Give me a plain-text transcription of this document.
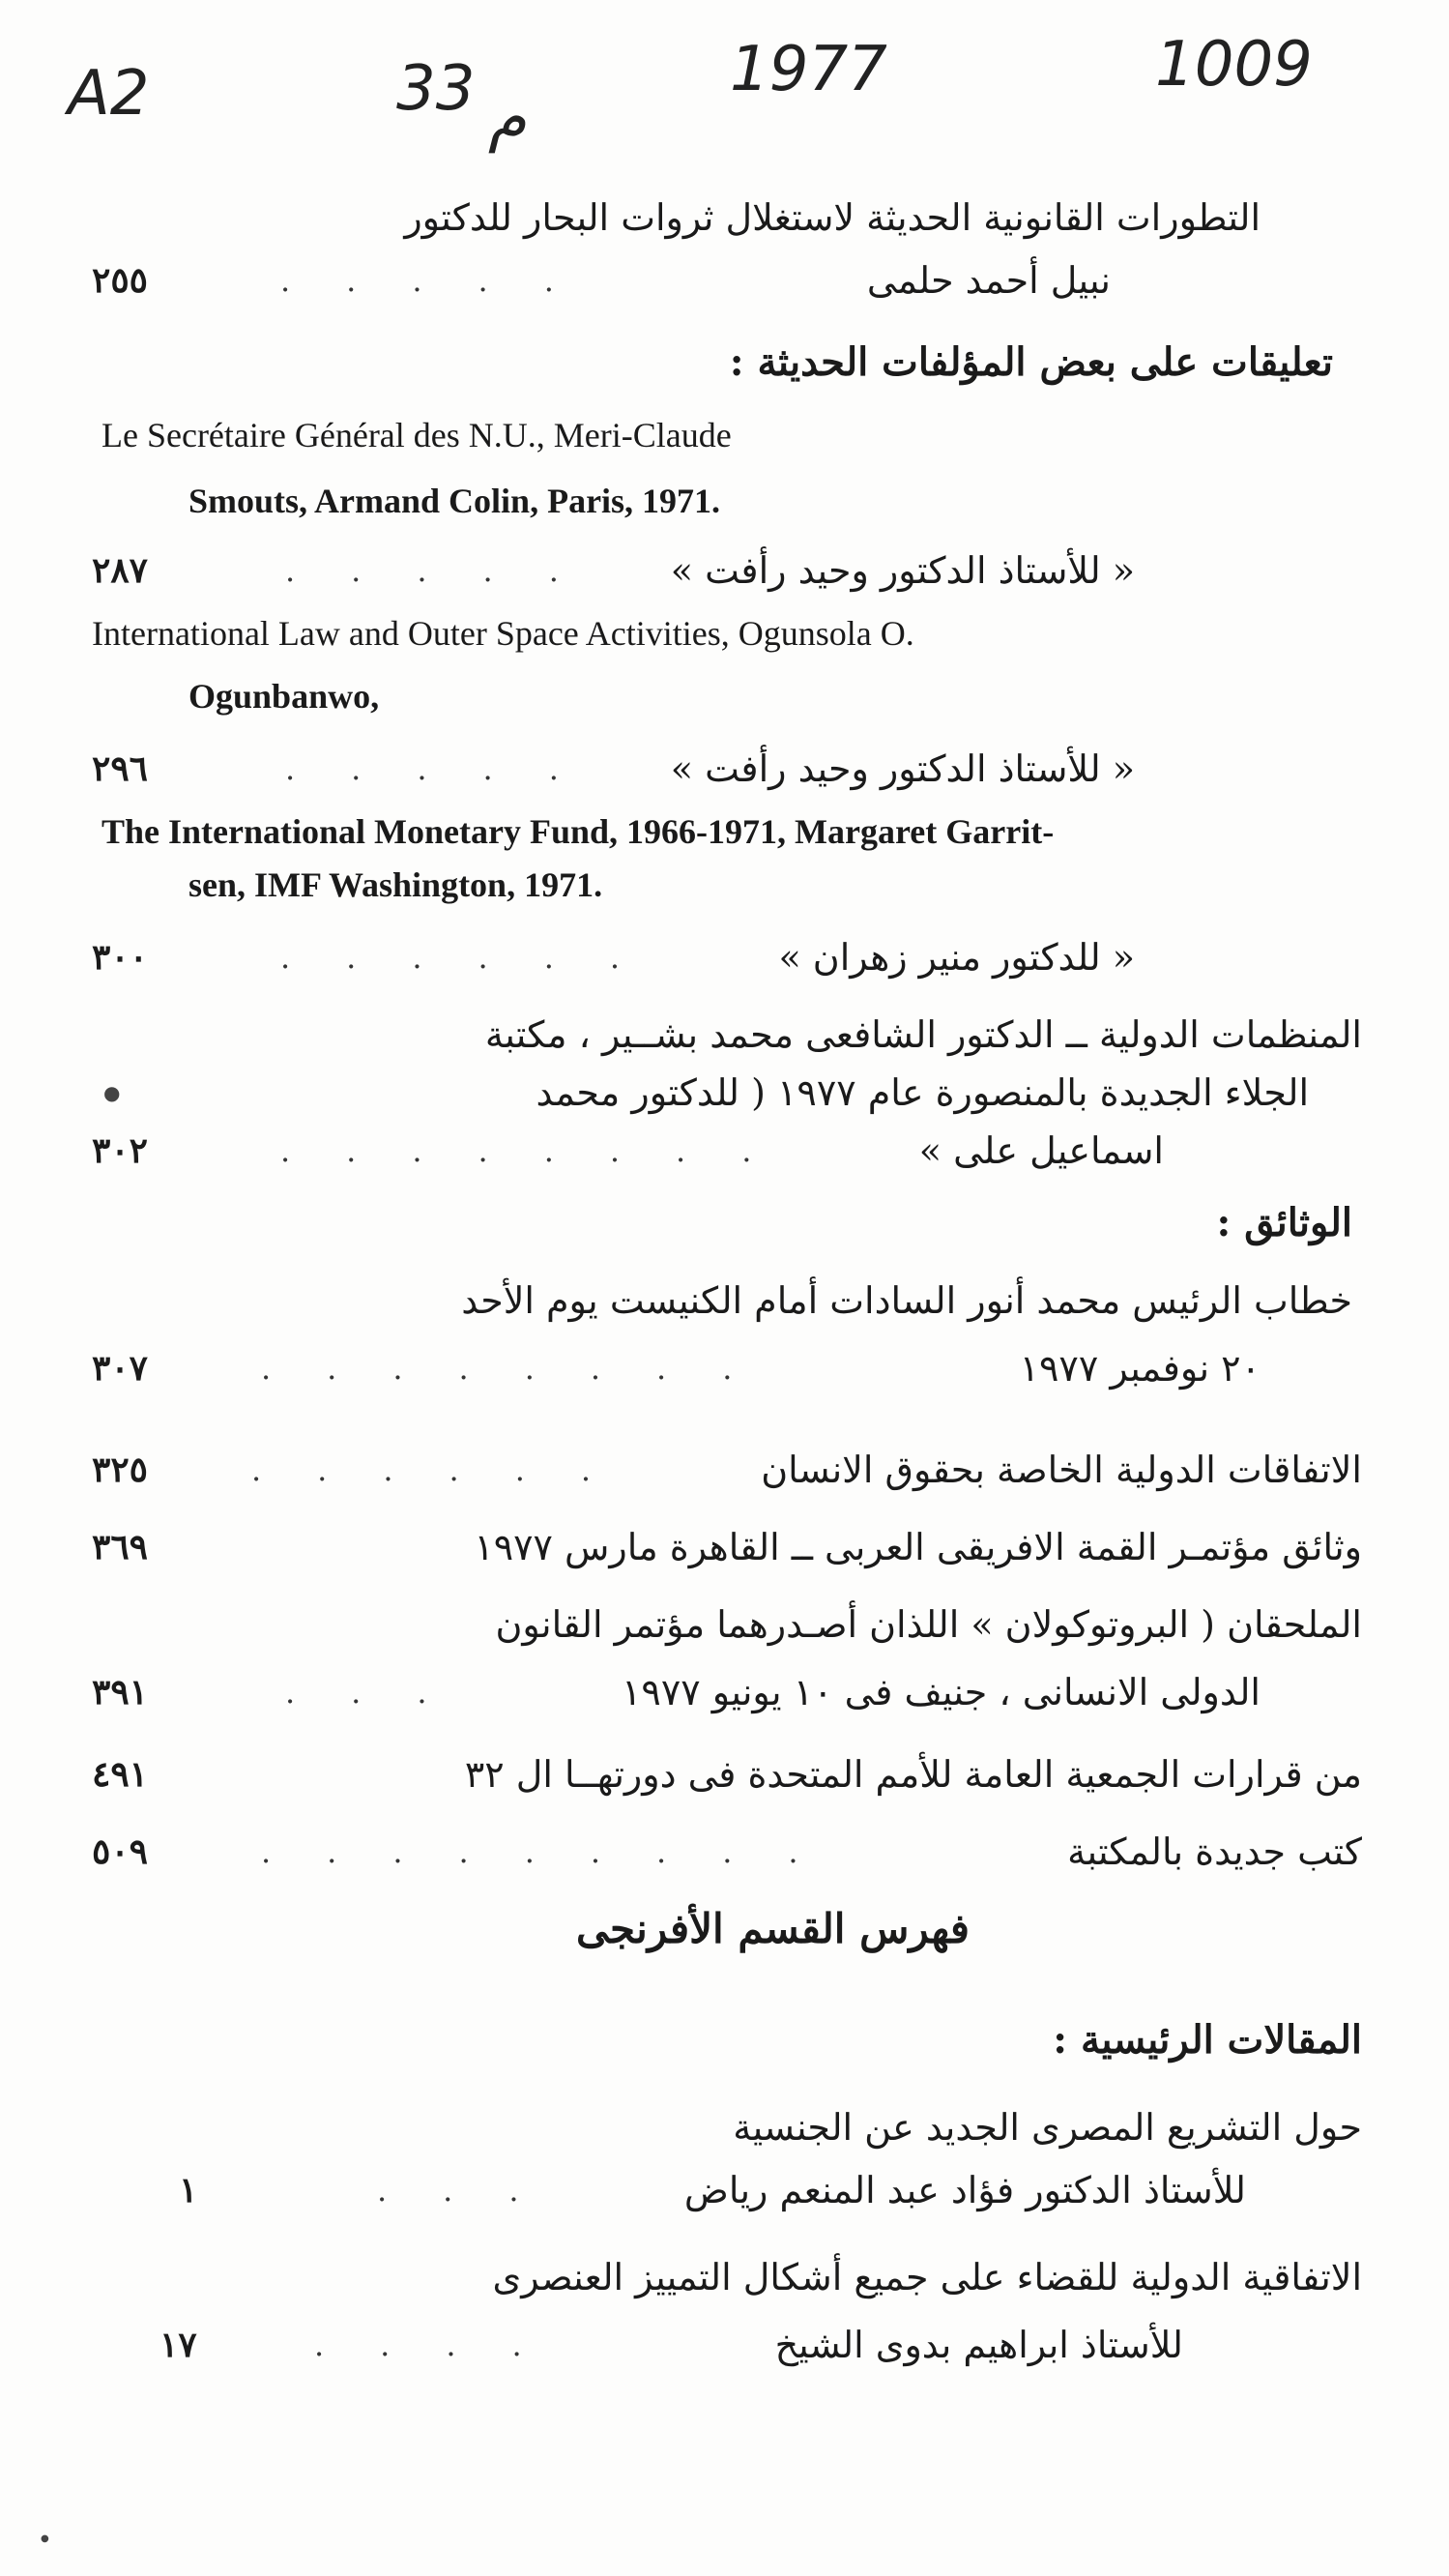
A2	33 م
1977	1009
التطورات القانونية الحديثة لاستغلال ثروات البحار للدكتور
نبيل أحمد حلمى
.....
٢٥٥
تعليقات على بعض المؤلفات الحديثة :
Le Secrétaire Général des N.U., Meri-Claude
Smouts, Armand Colin, Paris, 1971.
« للأستاذ الدكتور وحيد رأفت »
.....
٢٨٧
International Law and Outer Space Activities, Ogunsola O.
Ogunbanwo,
« للأستاذ الدكتور وحيد رأفت »
.....
٢٩٦
The International Monetary Fund, 1966-1971, Margaret Garrit-
sen, IMF Washington, 1971.
« للدكتور منير زهران »
......
٣٠٠
المنظمات الدولية ــ الدكتور الشافعى محمد بشــير ، مكتبة
الجلاء الجديدة بالمنصورة عام ١٩٧٧ ( للدكتور محمد
●
اسماعيل على »
........
٣٠٢
الوثائق :
خطاب الرئيس محمد أنور السادات أمام الكنيست يوم الأحد
٢٠ نوفمبر ١٩٧٧
........
٣٠٧
الاتفاقات الدولية الخاصة بحقوق الانسان
......
٣٢٥
وثائق مؤتمـر القمة الافريقى العربى ــ القاهرة مارس ١٩٧٧
٣٦٩
الملحقان ( البروتوكولان » اللذان أصـدرهما مؤتمر القانون
الدولى الانسانى ، جنيف فى ١٠ يونيو ١٩٧٧
...
٣٩١
من قرارات الجمعية العامة للأمم المتحدة فى دورتهــا ال ٣٢
٤٩١
كتب جديدة بالمكتبة
.........
٥٠٩
فهرس القسم الأفرنجى
المقالات الرئيسية :
حول التشريع المصرى الجديد عن الجنسية
للأستاذ الدكتور فؤاد عبد المنعم رياض
...
١
الاتفاقية الدولية للقضاء على جميع أشكال التمييز العنصرى
للأستاذ ابراهيم بدوى الشيخ
....
١٧
●
